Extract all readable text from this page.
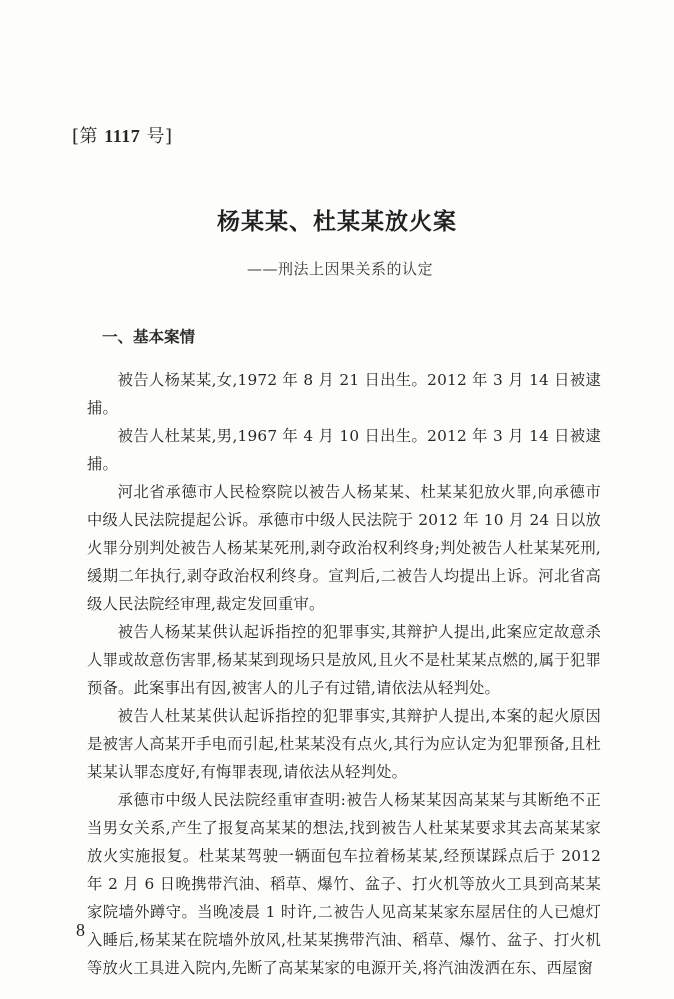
[第 1117 号]
杨某某、杜某某放火案
——刑法上因果关系的认定
一、基本案情

被告人杨某某,女,1972 年 8 月 21 日出生。2012 年 3 月 14 日被逮捕。

被告人杜某某,男,1967 年 4 月 10 日出生。2012 年 3 月 14 日被逮捕。

河北省承德市人民检察院以被告人杨某某、杜某某犯放火罪,向承德市中级人民法院提起公诉。承德市中级人民法院于 2012 年 10 月 24 日以放火罪分别判处被告人杨某某死刑,剥夺政治权利终身;判处被告人杜某某死刑,缓期二年执行,剥夺政治权利终身。宣判后,二被告人均提出上诉。河北省高级人民法院经审理,裁定发回重审。

被告人杨某某供认起诉指控的犯罪事实,其辩护人提出,此案应定故意杀人罪或故意伤害罪,杨某某到现场只是放风,且火不是杜某某点燃的,属于犯罪预备。此案事出有因,被害人的儿子有过错,请依法从轻判处。

被告人杜某某供认起诉指控的犯罪事实,其辩护人提出,本案的起火原因是被害人高某开手电而引起,杜某某没有点火,其行为应认定为犯罪预备,且杜某某认罪态度好,有悔罪表现,请依法从轻判处。

承德市中级人民法院经重审查明:被告人杨某某因高某某与其断绝不正当男女关系,产生了报复高某某的想法,找到被告人杜某某要求其去高某某家放火实施报复。杜某某驾驶一辆面包车拉着杨某某,经预谋踩点后于 2012 年 2 月 6 日晚携带汽油、稻草、爆竹、盆子、打火机等放火工具到高某某家院墙外蹲守。当晚凌晨 1 时许,二被告人见高某某家东屋居住的人已熄灯入睡后,杨某某在院墙外放风,杜某某携带汽油、稻草、爆竹、盆子、打火机等放火工具进入院内,先断了高某某家的电源开关,将汽油泼洒在东、西屋窗

8
